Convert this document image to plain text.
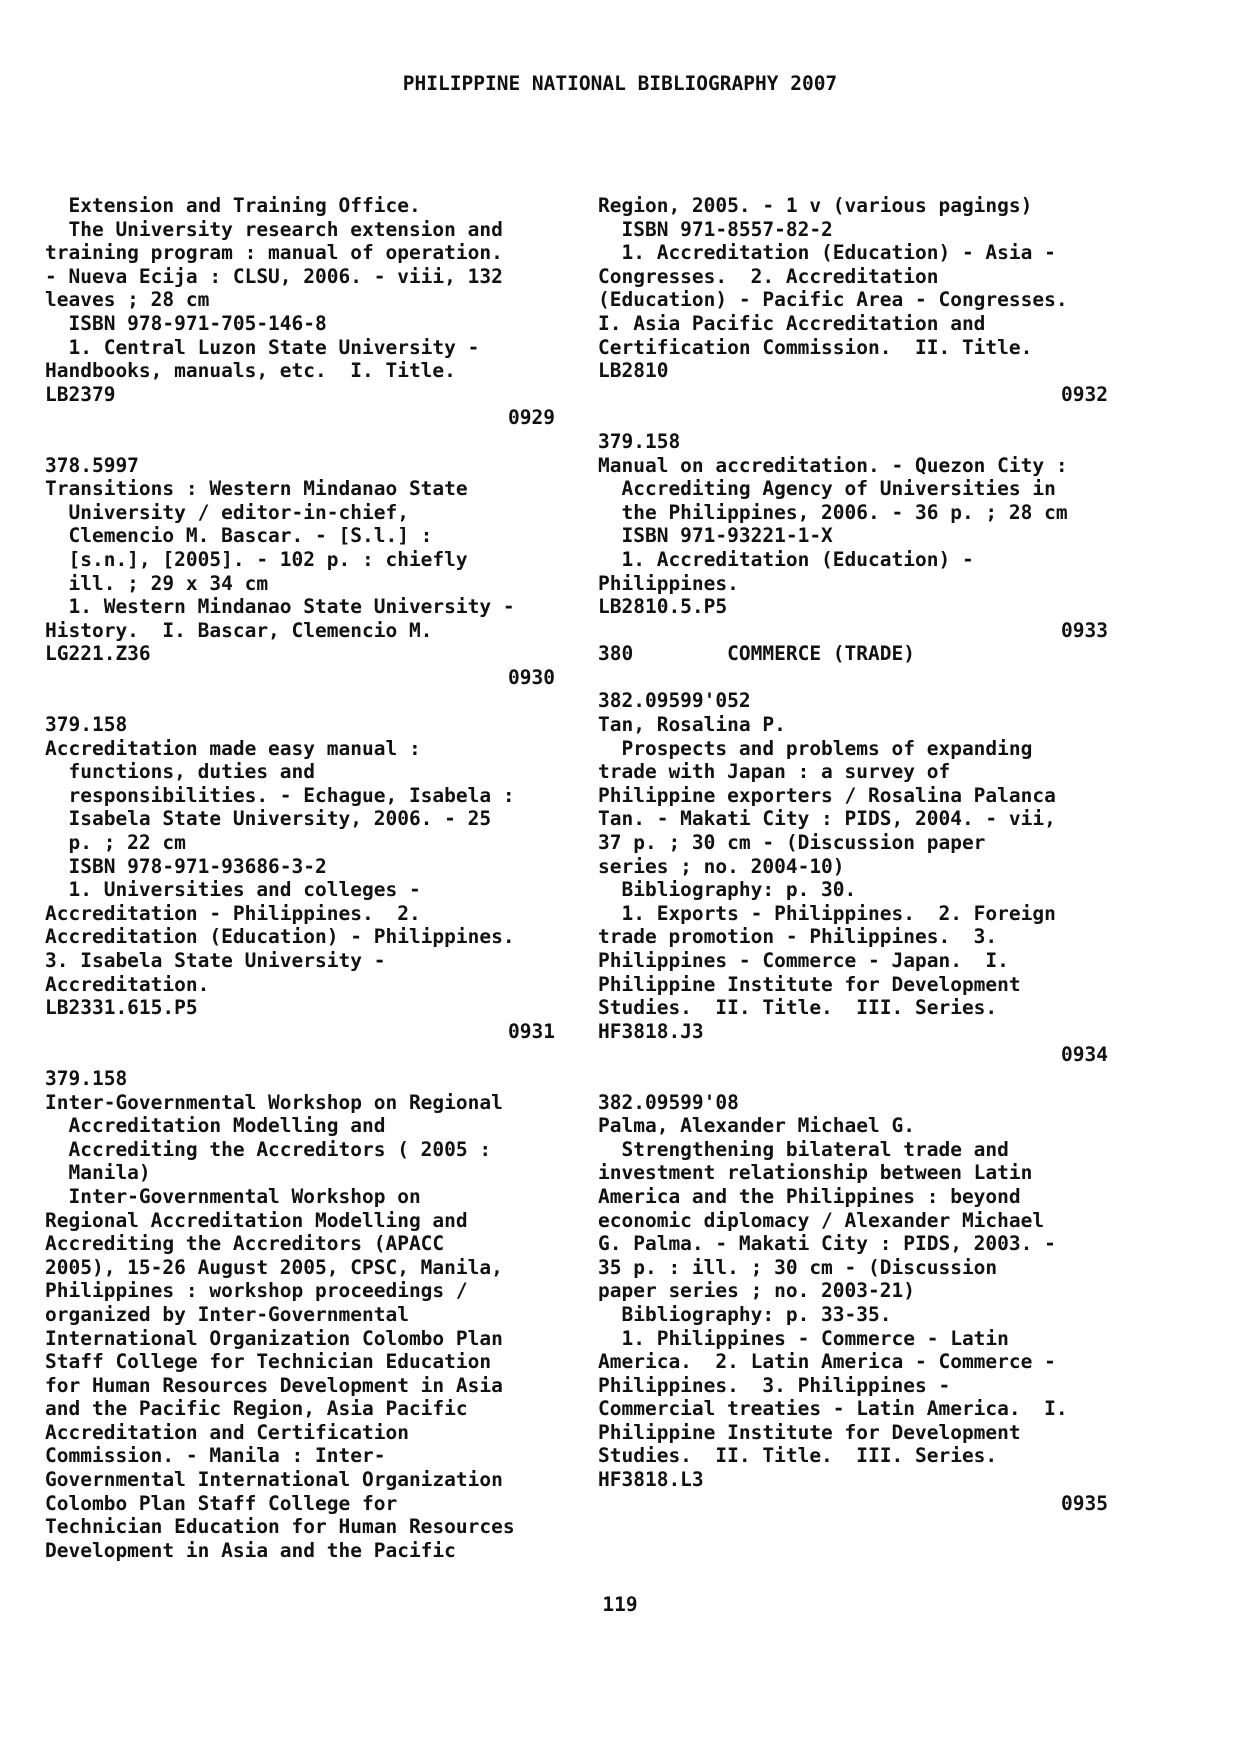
PHILIPPINE NATIONAL BIBLIOGRAPHY 2007
Extension and Training Office.
The University research extension and
training program : manual of operation.
- Nueva Ecija : CLSU, 2006. - viii, 132
leaves ; 28 cm
ISBN 978-971-705-146-8
1. Central Luzon State University -
Handbooks, manuals, etc.  I. Title.
LB2379
0929
378.5997
Transitions : Western Mindanao State
University / editor-in-chief,
Clemencio M. Bascar. - [S.l.] :
[s.n.], [2005]. - 102 p. : chiefly
ill. ; 29 x 34 cm
1. Western Mindanao State University -
History.  I. Bascar, Clemencio M.
LG221.Z36
0930
379.158
Accreditation made easy manual :
functions, duties and
responsibilities. - Echague, Isabela :
Isabela State University, 2006. - 25
p. ; 22 cm
ISBN 978-971-93686-3-2
1. Universities and colleges -
Accreditation - Philippines.  2.
Accreditation (Education) - Philippines.
3. Isabela State University -
Accreditation.
LB2331.615.P5
0931
379.158
Inter-Governmental Workshop on Regional
Accreditation Modelling and
Accrediting the Accreditors ( 2005 :
Manila)
Inter-Governmental Workshop on
Regional Accreditation Modelling and
Accrediting the Accreditors (APACC
2005), 15-26 August 2005, CPSC, Manila,
Philippines : workshop proceedings /
organized by Inter-Governmental
International Organization Colombo Plan
Staff College for Technician Education
for Human Resources Development in Asia
and the Pacific Region, Asia Pacific
Accreditation and Certification
Commission. - Manila : Inter-
Governmental International Organization
Colombo Plan Staff College for
Technician Education for Human Resources
Development in Asia and the Pacific
Region, 2005. - 1 v (various pagings)
ISBN 971-8557-82-2
1. Accreditation (Education) - Asia -
Congresses.  2. Accreditation
(Education) - Pacific Area - Congresses.
I. Asia Pacific Accreditation and
Certification Commission.  II. Title.
LB2810
0932
379.158
Manual on accreditation. - Quezon City :
Accrediting Agency of Universities in
the Philippines, 2006. - 36 p. ; 28 cm
ISBN 971-93221-1-X
1. Accreditation (Education) -
Philippines.
LB2810.5.P5
0933
380        COMMERCE (TRADE)
382.09599'052
Tan, Rosalina P.
Prospects and problems of expanding
trade with Japan : a survey of
Philippine exporters / Rosalina Palanca
Tan. - Makati City : PIDS, 2004. - vii,
37 p. ; 30 cm - (Discussion paper
series ; no. 2004-10)
Bibliography: p. 30.
1. Exports - Philippines.  2. Foreign
trade promotion - Philippines.  3.
Philippines - Commerce - Japan.  I.
Philippine Institute for Development
Studies.  II. Title.  III. Series.
HF3818.J3
0934
382.09599'08
Palma, Alexander Michael G.
Strengthening bilateral trade and
investment relationship between Latin
America and the Philippines : beyond
economic diplomacy / Alexander Michael
G. Palma. - Makati City : PIDS, 2003. -
35 p. : ill. ; 30 cm - (Discussion
paper series ; no. 2003-21)
Bibliography: p. 33-35.
1. Philippines - Commerce - Latin
America.  2. Latin America - Commerce -
Philippines.  3. Philippines -
Commercial treaties - Latin America.  I.
Philippine Institute for Development
Studies.  II. Title.  III. Series.
HF3818.L3
0935
119
